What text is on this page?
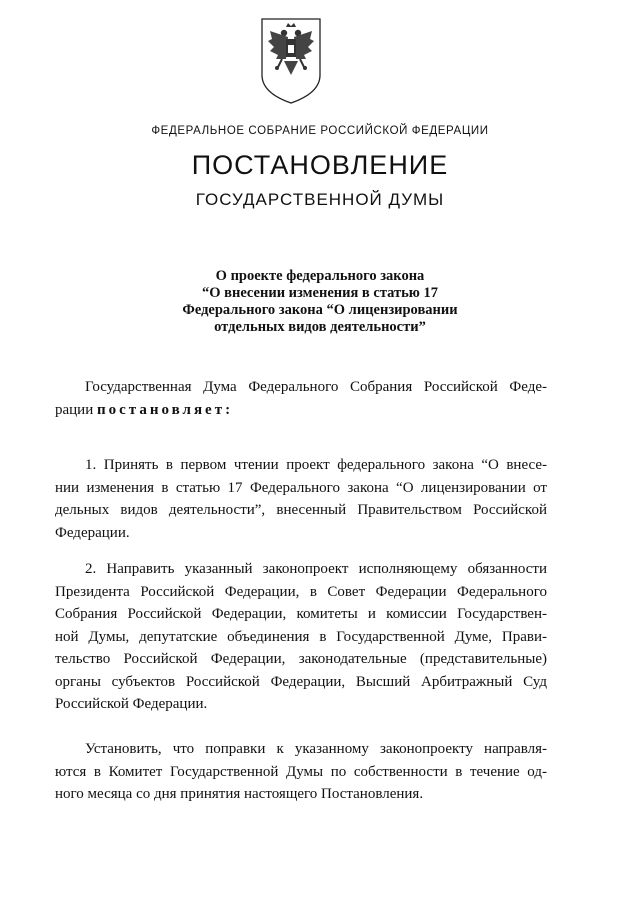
ФЕДЕРАЛЬНОЕ СОБРАНИЕ РОССИЙСКОЙ ФЕДЕРАЦИИ
ПОСТАНОВЛЕНИЕ
ГОСУДАРСТВЕННОЙ ДУМЫ
О проекте федерального закона
“О внесении изменения в статью 17
Федерального закона “О лицензировании
отдельных видов деятельности”
Государственная Дума Федерального Собрания Российской Феде-
рации постановляет:
1. Принять в первом чтении проект федерального закона “О внесе-
нии изменения в статью 17 Федерального закона “О лицензировании от
дельных видов деятельности”, внесенный Правительством Российской
Федерации.
2. Направить указанный законопроект исполняющему обязанности
Президента Российской Федерации, в Совет Федерации Федерального
Собрания Российской Федерации, комитеты и комиссии Государствен-
ной Думы, депутатские объединения в Государственной Думе, Прави-
тельство Российской Федерации, законодательные (представительные)
органы субъектов Российской Федерации, Высший Арбитражный Суд
Российской Федерации.
Установить, что поправки к указанному законопроекту направля-
ются в Комитет Государственной Думы по собственности в течение од-
ного месяца со дня принятия настоящего Постановления.
